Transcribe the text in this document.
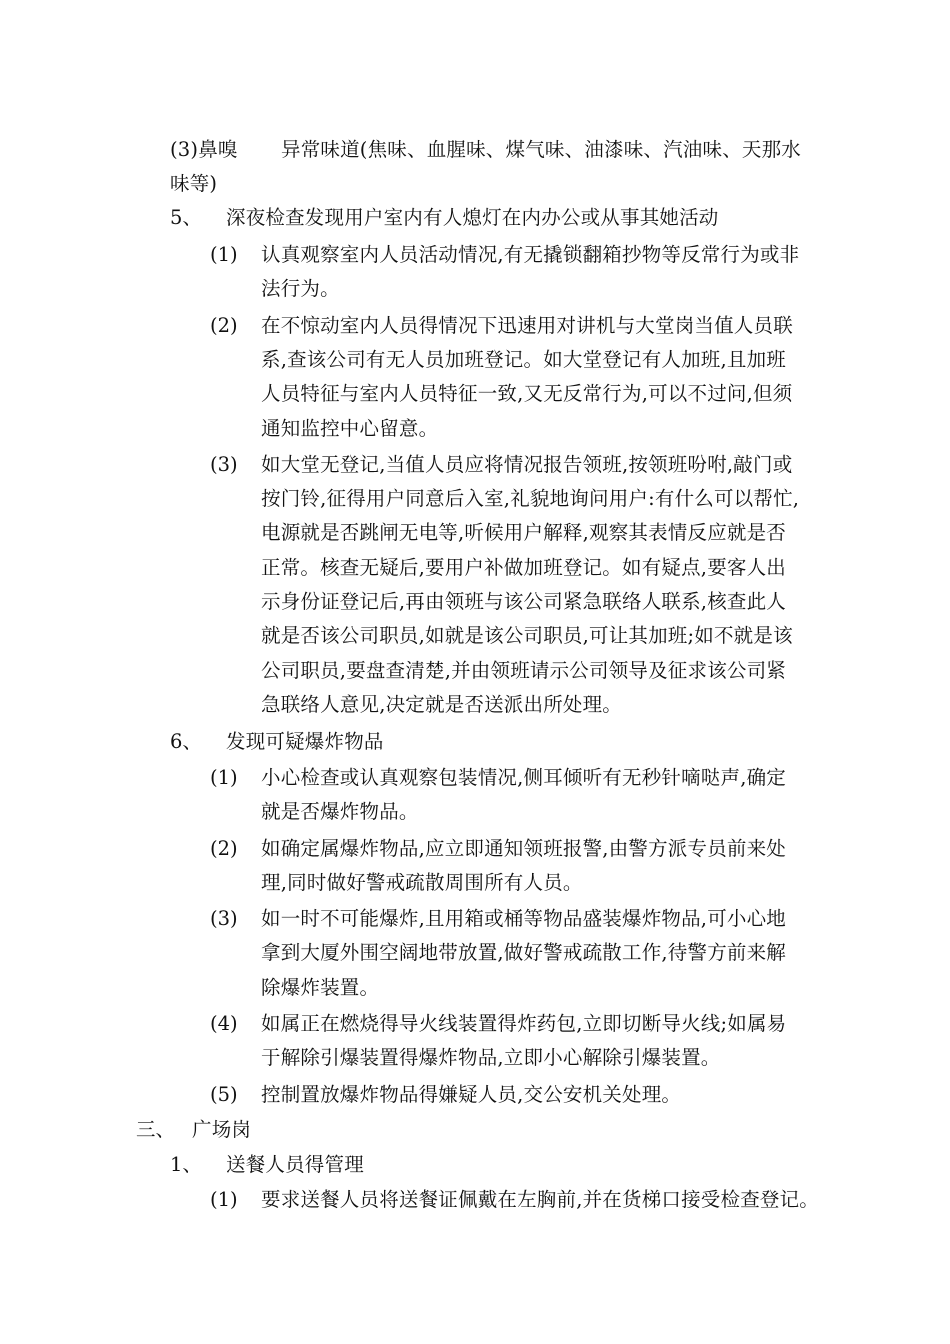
(3)鼻嗅 异常味道(焦味、血腥味、煤气味、油漆味、汽油味、天那水
味等)
5、 深夜检查发现用户室内有人熄灯在内办公或从事其她活动
(1) 认真观察室内人员活动情况,有无撬锁翻箱抄物等反常行为或非
法行为。
(2) 在不惊动室内人员得情况下迅速用对讲机与大堂岗当值人员联
系,查该公司有无人员加班登记。如大堂登记有人加班,且加班
人员特征与室内人员特征一致,又无反常行为,可以不过问,但须
通知监控中心留意。
(3) 如大堂无登记,当值人员应将情况报告领班,按领班吩咐,敲门或
按门铃,征得用户同意后入室,礼貌地询问用户:有什么可以帮忙,
电源就是否跳闸无电等,听候用户解释,观察其表情反应就是否
正常。核查无疑后,要用户补做加班登记。如有疑点,要客人出
示身份证登记后,再由领班与该公司紧急联络人联系,核查此人
就是否该公司职员,如就是该公司职员,可让其加班;如不就是该
公司职员,要盘查清楚,并由领班请示公司领导及征求该公司紧
急联络人意见,决定就是否送派出所处理。
6、 发现可疑爆炸物品
(1) 小心检查或认真观察包装情况,侧耳倾听有无秒针嘀哒声,确定
就是否爆炸物品。
(2) 如确定属爆炸物品,应立即通知领班报警,由警方派专员前来处
理,同时做好警戒疏散周围所有人员。
(3) 如一时不可能爆炸,且用箱或桶等物品盛装爆炸物品,可小心地
拿到大厦外围空阔地带放置,做好警戒疏散工作,待警方前来解
除爆炸装置。
(4) 如属正在燃烧得导火线装置得炸药包,立即切断导火线;如属易
于解除引爆装置得爆炸物品,立即小心解除引爆装置。
(5) 控制置放爆炸物品得嫌疑人员,交公安机关处理。
三、 广场岗
1、 送餐人员得管理
(1) 要求送餐人员将送餐证佩戴在左胸前,并在货梯口接受检查登记。
